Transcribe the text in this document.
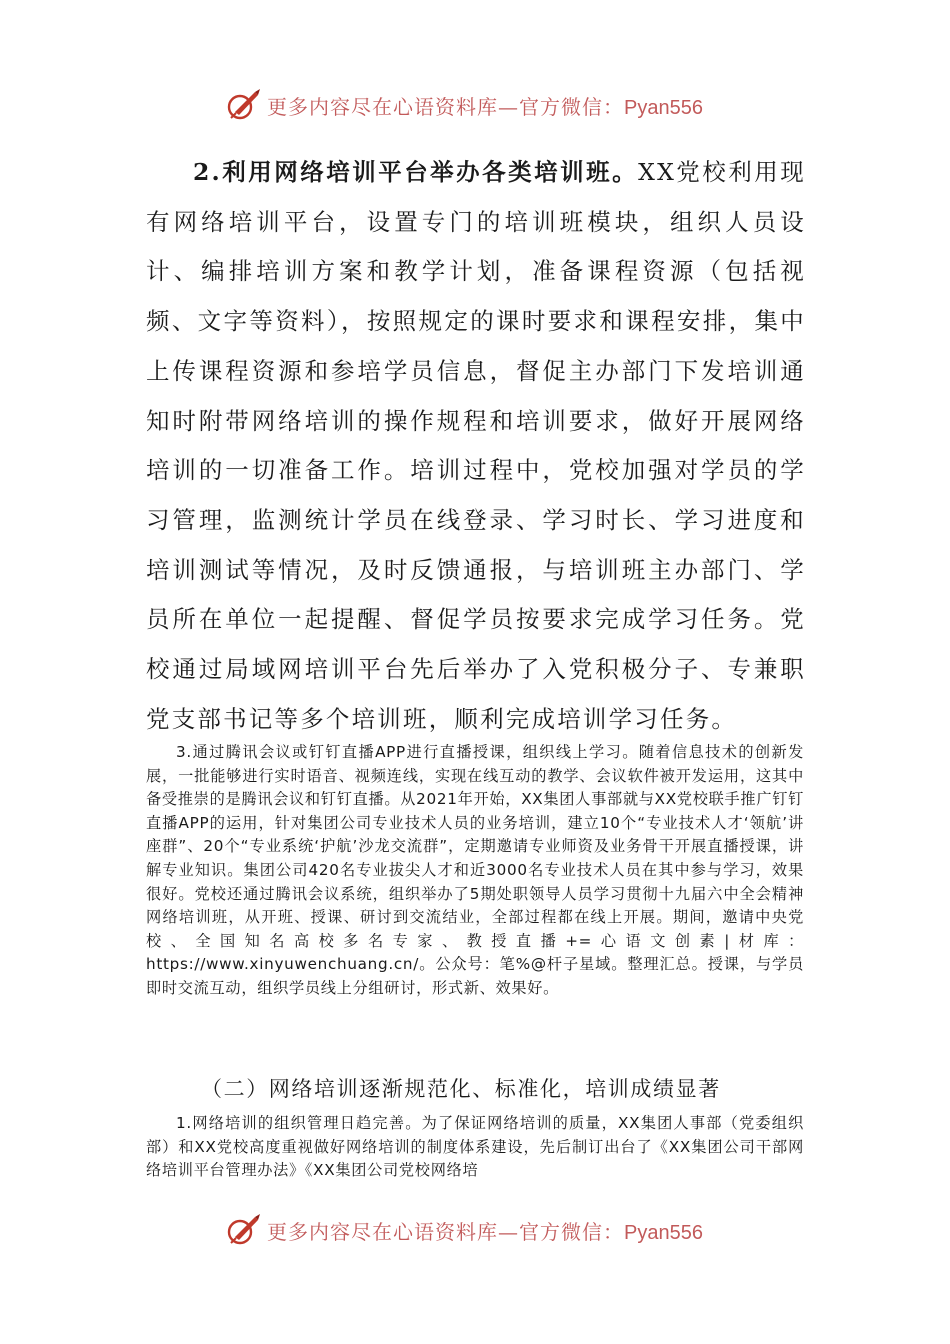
更多内容尽在心语资料库—官方微信：Pyan556

2.利用网络培训平台举办各类培训班。XX党校利用现有网络培训平台，设置专门的培训班模块，组织人员设计、编排培训方案和教学计划，准备课程资源（包括视频、文字等资料），按照规定的课时要求和课程安排，集中上传课程资源和参培学员信息，督促主办部门下发培训通知时附带网络培训的操作规程和培训要求，做好开展网络培训的一切准备工作。培训过程中，党校加强对学员的学习管理，监测统计学员在线登录、学习时长、学习进度和培训测试等情况，及时反馈通报，与培训班主办部门、学员所在单位一起提醒、督促学员按要求完成学习任务。党校通过局域网培训平台先后举办了入党积极分子、专兼职党支部书记等多个培训班，顺利完成培训学习任务。

3.通过腾讯会议或钉钉直播APP进行直播授课，组织线上学习。随着信息技术的创新发展，一批能够进行实时语音、视频连线，实现在线互动的教学、会议软件被开发运用，这其中备受推崇的是腾讯会议和钉钉直播。从2021年开始，XX集团人事部就与XX党校联手推广钉钉直播APP的运用，针对集团公司专业技术人员的业务培训，建立10个“专业技术人才‘领航’讲座群”、20个“专业系统‘护航’沙龙交流群”，定期邀请专业师资及业务骨干开展直播授课，讲解专业知识。集团公司420名专业拔尖人才和近3000名专业技术人员在其中参与学习，效果很好。党校还通过腾讯会议系统，组织举办了5期处职领导人员学习贯彻十九届六中全会精神网络培训班，从开班、授课、研讨到交流结业，全部过程都在线上开展。期间，邀请中央党校、全国知名高校多名专家、教授直播+=心语文创素|材库：https://www.xinyuwenchuang.cn/。公众号：笔%@杆子星域。整理汇总。授课，与学员即时交流互动，组织学员线上分组研讨，形式新、效果好。

（二）网络培训逐渐规范化、标准化，培训成绩显著

1.网络培训的组织管理日趋完善。为了保证网络培训的质量，XX集团人事部（党委组织部）和XX党校高度重视做好网络培训的制度体系建设，先后制订出台了《XX集团公司干部网络培训平台管理办法》《XX集团公司党校网络培

更多内容尽在心语资料库—官方微信：Pyan556
